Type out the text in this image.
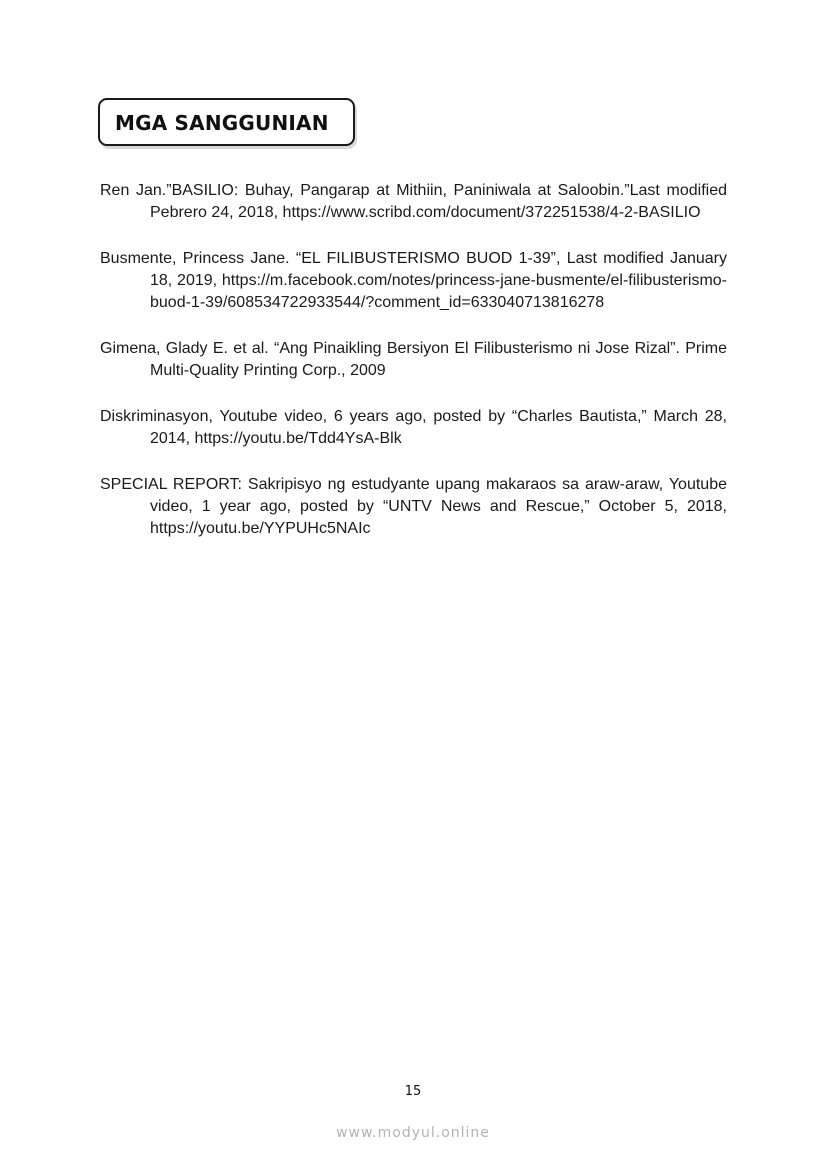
MGA SANGGUNIAN

Ren Jan.”BASILIO: Buhay, Pangarap at Mithiin, Paniniwala at Saloobin.”Last modified Pebrero 24, 2018, https://www.scribd.com/document/372251538/4-2-BASILIO

Busmente, Princess Jane. “EL FILIBUSTERISMO BUOD 1-39”, Last modified January 18, 2019, https://m.facebook.com/notes/princess-jane-busmente/el-filibusterismo-buod-1-39/608534722933544/?comment_id=633040713816278

Gimena, Glady E. et al. “Ang Pinaikling Bersiyon El Filibusterismo ni Jose Rizal”. Prime Multi-Quality Printing Corp., 2009

Diskriminasyon, Youtube video, 6 years ago, posted by “Charles Bautista,” March 28, 2014, https://youtu.be/Tdd4YsA-Blk

SPECIAL REPORT: Sakripisyo ng estudyante upang makaraos sa araw-araw, Youtube video, 1 year ago, posted by “UNTV News and Rescue,” October 5, 2018, https://youtu.be/YYPUHc5NAIc

15
www.modyul.online
